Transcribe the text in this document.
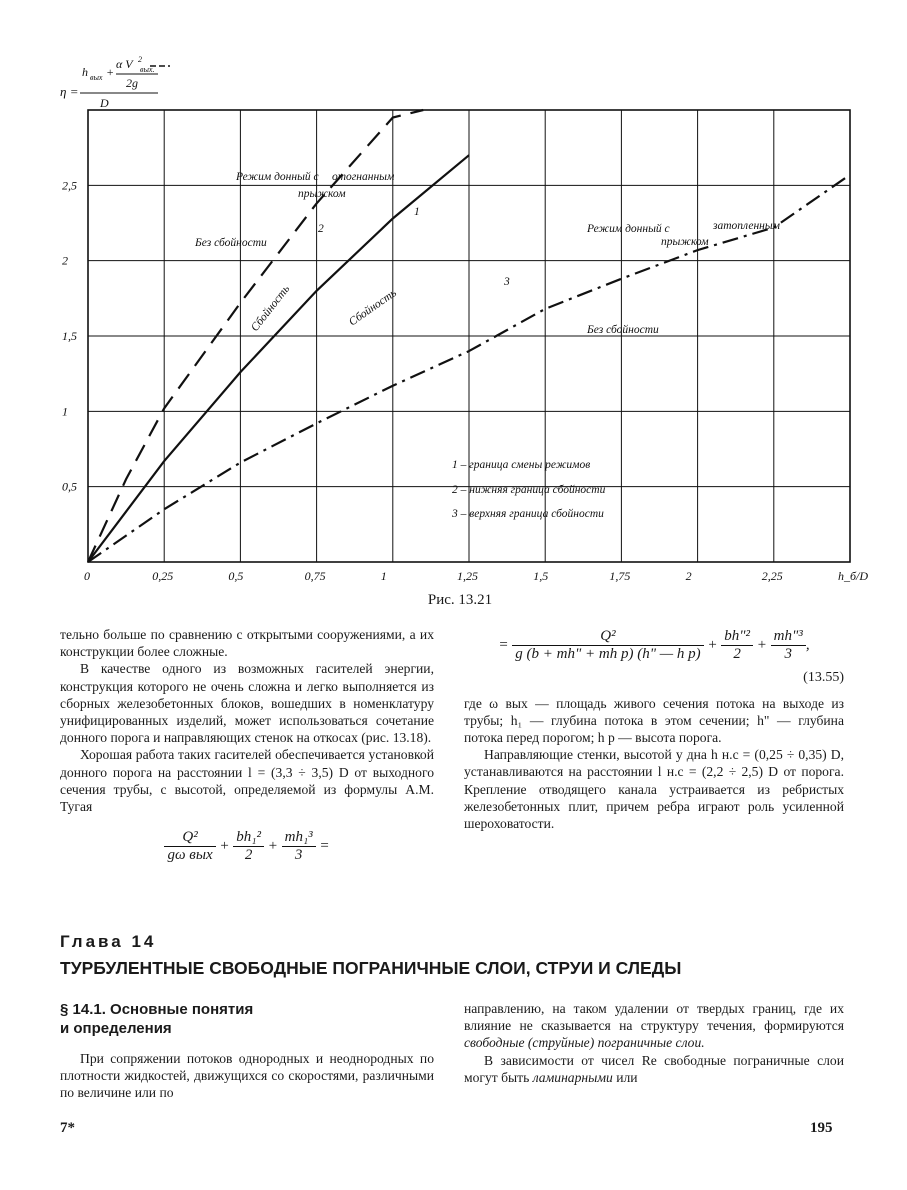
h вых +
α V 2
вых.
2g
η =
D
0	0,25	0,5	0,75	1	1,25	1,5	1,75	2	2,25	h_б/D
0,5
1
1,5
2
2,5
Режим донный с отогнанным
прыжком
Без сбойности
1
2
3
Сбойность	Сбойность
Режим донный с	затопленным
прыжком
Без сбойности
1 – граница смены режимов
2 – нижняя граница сбойности
3 – верхняя граница сбойности
Рис. 13.21

тельно больше по сравнению с открытыми сооружениями, а их конструкции более сложные.

В качестве одного из возможных гасителей энергии, конструкция которого не очень сложна и легко выполняется из сборных железобетонных блоков, вошедших в номенклатуру унифицированных изделий, может использоваться сочетание донного порога и направляющих стенок на откосах (рис. 13.18).

Хорошая работа таких гасителей обеспечивается установкой донного порога на расстоянии l = (3,3 ÷ 3,5) D от выходного сечения трубы, с высотой, определяемой из формулы А.М. Тугая

$\frac{\text{Q²}}{\text{gω вых}} + \frac{\text{bh₁²}}{2} + \frac{\text{mh₁³}}{3}$ =
= $\frac{\text{Q²}}{\text{g (b + mh" + mh p) (h" — h p)}} + \frac{\text{bh"²}}{2} + \frac{\text{mh"³}}{3}$ ,
(13.55)

где ω вых — площадь живого сечения потока на выходе из трубы; h₁ — глубина потока в этом сечении; h" — глубина потока перед порогом; h р — высота порога.

Направляющие стенки, высотой у дна h н.с = (0,25 ÷ 0,35) D, устанавливаются на расстоянии l н.с = (2,2 ÷ 2,5) D от порога. Крепление отводящего канала устраивается из ребристых железобетонных плит, причем ребра играют роль усиленной шероховатости.

Глава 14
ТУРБУЛЕНТНЫЕ СВОБОДНЫЕ ПОГРАНИЧНЫЕ СЛОИ, СТРУИ И СЛЕДЫ
§ 14.1. Основные понятия
и определения

При сопряжении потоков однородных и неоднородных по плотности жидкостей, движущихся со скоростями, различными по величине или по

направлению, на таком удалении от твердых границ, где их влияние не сказывается на структуру течения, формируются свободные (струйные) пограничные слои.

В зависимости от чисел Re свободные пограничные слои могут быть ламинарными или

7*	195
